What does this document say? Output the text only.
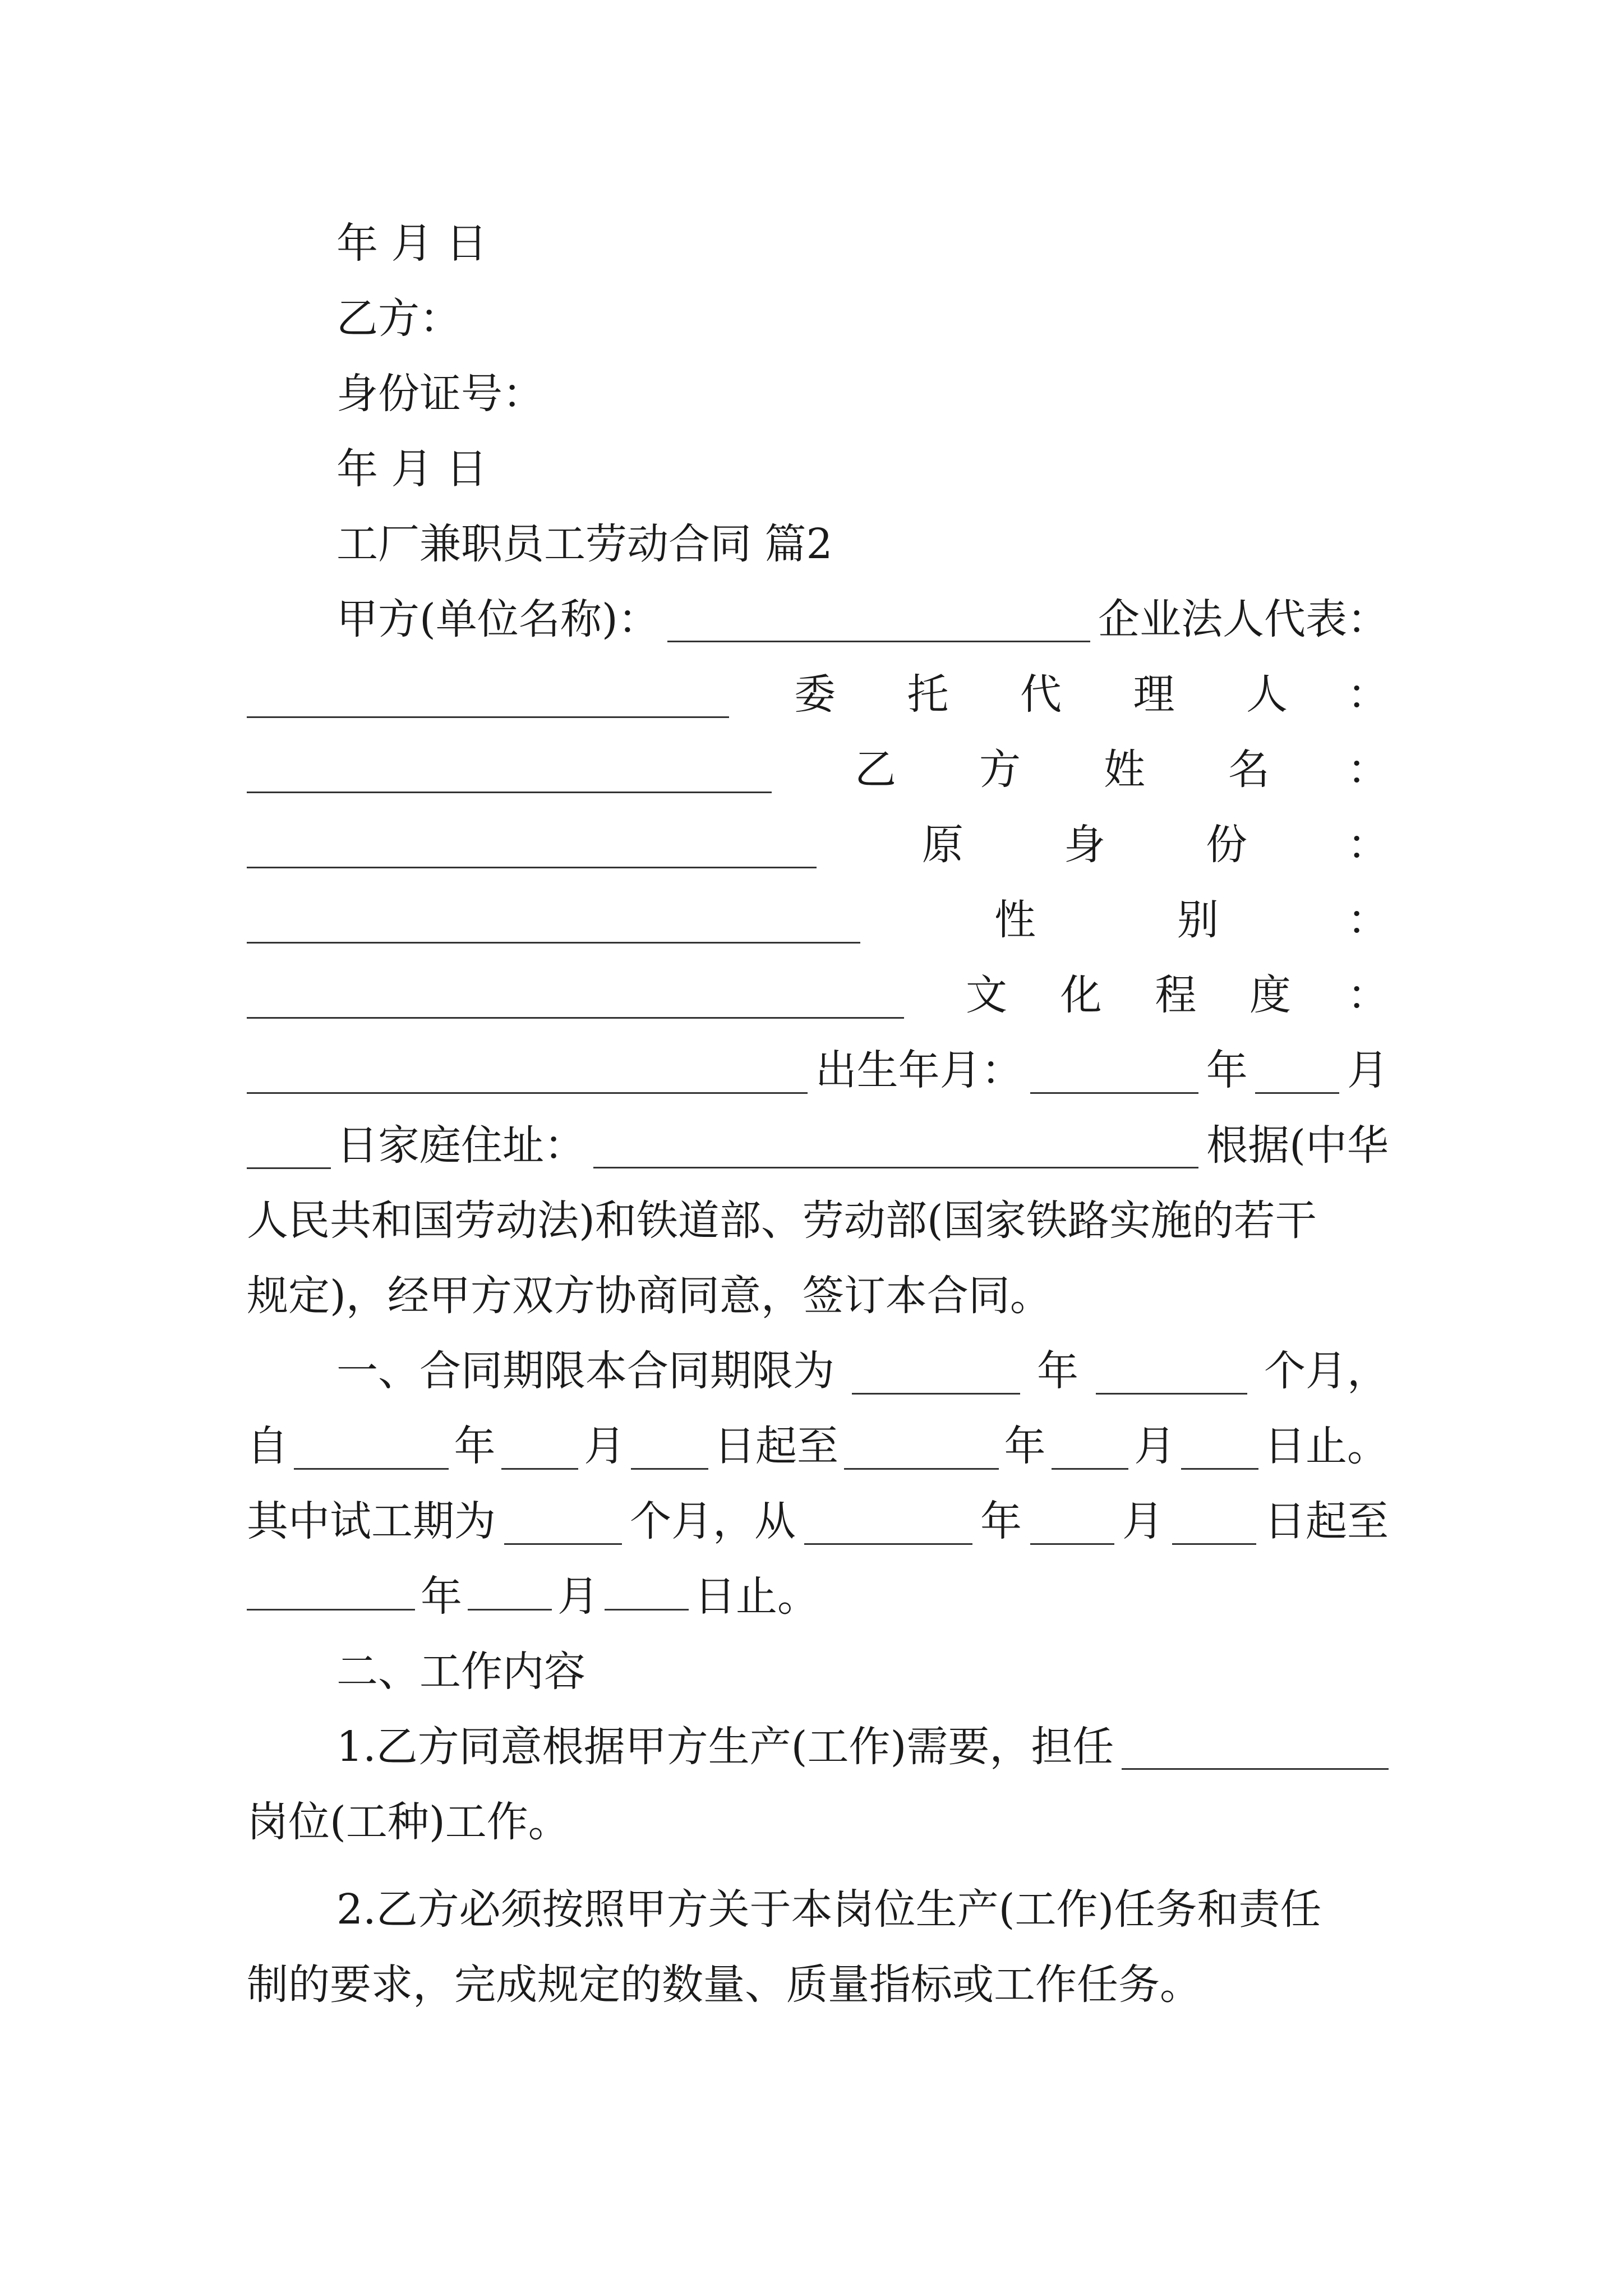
年 月 日
乙方：
身份证号：
年 月 日
工厂兼职员工劳动合同 篇2
甲方(单位名称)：	企业法人代表：
委 托 代 理 人 ：
乙 方 姓 名 ：
原 身 份 ：
性	别	：
文 化 程 度 ：
出生年月：	年 月
日家庭住址：	根据(中华
人民共和国劳动法)和铁道部、劳动部(国家铁路实施的若干
规定)，经甲方双方协商同意，签订本合同。
一、合同期限本合同期限为	年	个月，
自	年 月 日起至	年 月 日止。
其中试工期为	个月，从	年 月 日起至
年 月 日止。
二、工作内容
1.乙方同意根据甲方生产(工作)需要，担任
岗位(工种)工作。
2.乙方必须按照甲方关于本岗位生产(工作)任务和责任
制的要求，完成规定的数量、质量指标或工作任务。
